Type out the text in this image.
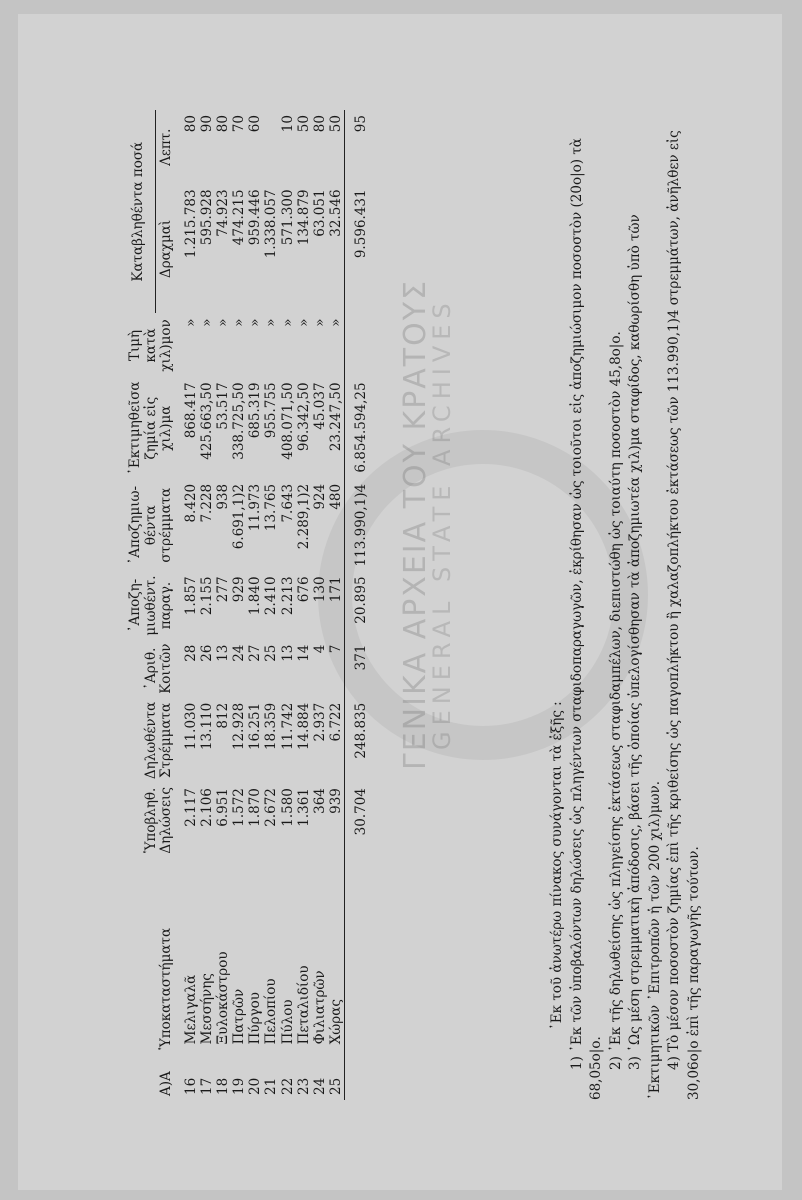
ΓΕΝΙΚΑ ΑΡΧΕΙΑ ΤΟΥ ΚΡΑΤΟΥΣ
GENERAL STATE ARCHIVES
A)Α     Ὑποκαταστήματα		Ὑποβληθ. Δηλώσεις	Δηλωθέντα Στρέμματα	᾽Αριθ. Κοιτῶν	᾽Αποζη- μιωθέντ. παραγ.	᾽Αποζημιω- θέντα στρέμματα	᾽Εκτιμηθεῖσα ζημία εἰς χιλ)μα	Τιμὴ κατὰ χιλ)μον	Καταβληθέντα ποσά	
									Δραχμαὶ	Λεπτ.
16	Μελιγαλᾶ	2.117	11.030	28	1.857	8.420	868.417	»	1.215.783	80
17	Μεσσήνης	2.106	13.110	26	2.155	7.228	425.663,50	»	595.928	90
18	Ξυλοκάστρου	6.951	812	13	277	938	53.517	»	74.923	80
19	Πατρῶν	1.572	12.928	24	929	6.691,1)2	338.725,50	»	474.215	70
20	Πύργου	1.870	16.251	27	1.840	11.973	685.319	»	959.446	60
21	Πελοπίου	2.672	18.359	25	2.410	13.765	955.755	»	1.338.057	
22	Πύλου	1.580	11.742	13	2.213	7.643	408.071,50	»	571.300	10
23	Πεταλιδίου	1.361	14.884	14	676	2.289,1)2	96.342,50	»	134.879	50
24	Φιλιατρῶν	364	2.937	4	130	924	45.037	»	63.051	80
25	Χώρας	939	6.722	7	171	480	23.247,50	»	32.546	50
		30.704	248.835	371	20.895	113.990,1)4	6.854.594,25		9.596.431	95

᾽Εκ τοῦ ἀνωτέρω πίνακος συνάγονται τὰ ἑξῆς : 1) ᾽Εκ τῶν ὑποβαλόντων δηλώσεις ὡς πληγέντων σταφιδοπαραγωγῶν, ἐκρίθησαν ὡς τοιοῦτοι εἰς ἀποζημιώσιμον ποσοστὸν (20ο|ο) τὰ 68,05ο|ο. 2) ᾽Εκ τῆς δηλωθείσης ὡς πληγείσης ἐκτάσεως σταφιδαμπέλων, διεπιστώθη ὡς τοιαύτη ποσοστὸν 45,8ο|ο. 3) ῾Ως μέση στρεμματικὴ ἀπόδοσις, βάσει τῆς ὁποίας ὑπελογίσθησαν τὰ ἀποζημιωτέα χιλ)μα σταφίδος, καθωρίσθη ὑπὸ τῶν ᾽Εκτιμητικῶν ᾽Επιτροπῶν ἡ τῶν 200 χιλ)μων. 4) Τὸ μέσον ποσοστὸν ζημίας ἐπὶ τῆς κριθείσης ὡς παγοπλήκτου ἢ χαλαζοπλήκτου ἐκτάσεως τῶν 113.990,1)4 στρεμμάτων, ἀνῆλθεν εἰς 30,06ο|ο ἐπὶ τῆς παραγωγῆς τούτων.
